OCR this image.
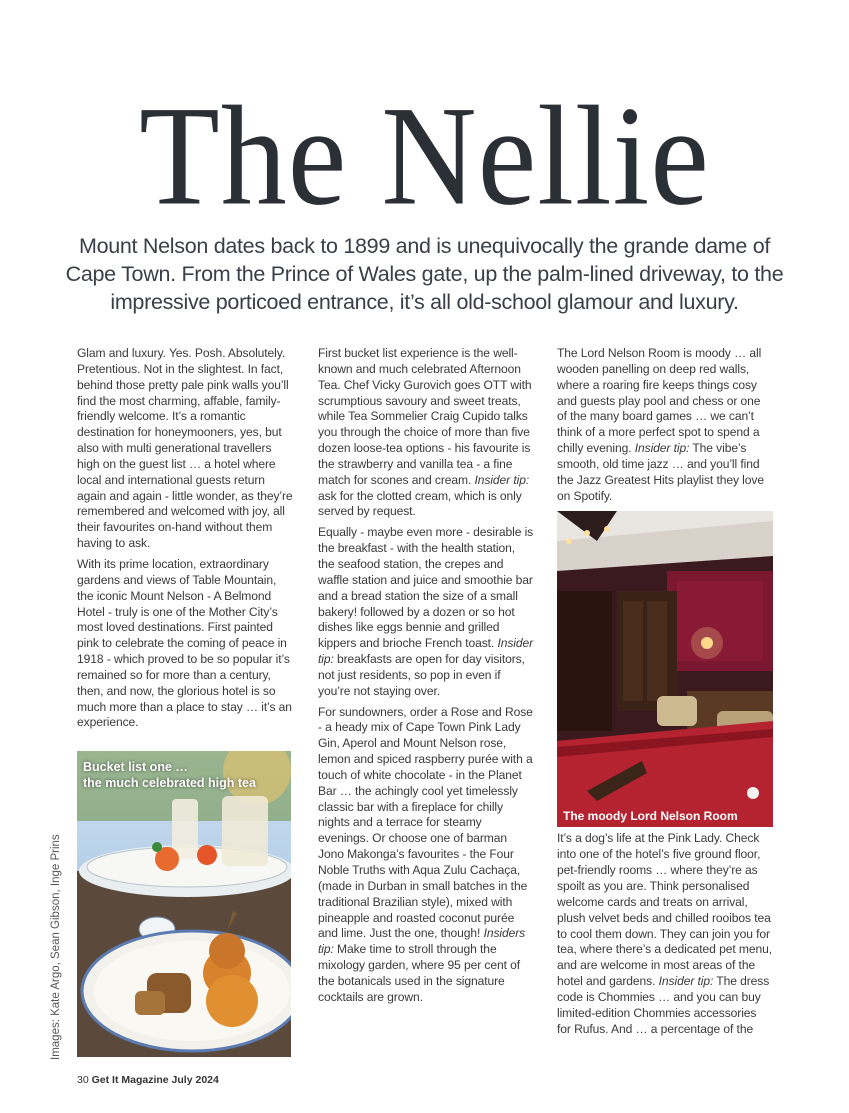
The Nellie
Mount Nelson dates back to 1899 and is unequivocally the grande dame of Cape Town. From the Prince of Wales gate, up the palm-lined driveway, to the impressive porticoed entrance, it’s all old-school glamour and luxury.

Glam and luxury. Yes. Posh. Absolutely. Pretentious. Not in the slightest. In fact, behind those pretty pale pink walls you’ll find the most charming, affable, family-friendly welcome. It’s a romantic destination for honeymooners, yes, but also with multi generational travellers high on the guest list … a hotel where local and international guests return again and again - little wonder, as they’re remembered and welcomed with joy, all their favourites on-hand without them having to ask.

With its prime location, extraordinary gardens and views of Table Mountain, the iconic Mount Nelson - A Belmond Hotel - truly is one of the Mother City’s most loved destinations. First painted pink to celebrate the coming of peace in 1918 - which proved to be so popular it’s remained so for more than a century, then, and now, the glorious hotel is so much more than a place to stay … it’s an experience.

First bucket list experience is the well-known and much celebrated Afternoon Tea. Chef Vicky Gurovich goes OTT with scrumptious savoury and sweet treats, while Tea Sommelier Craig Cupido talks you through the choice of more than five dozen loose-tea options - his favourite is the strawberry and vanilla tea - a fine match for scones and cream. Insider tip: ask for the clotted cream, which is only served by request.

Equally - maybe even more - desirable is the breakfast - with the health station, the seafood station, the crepes and waffle station and juice and smoothie bar and a bread station the size of a small bakery! followed by a dozen or so hot dishes like eggs bennie and grilled kippers and brioche French toast. Insider tip: breakfasts are open for day visitors, not just residents, so pop in even if you’re not staying over.

For sundowners, order a Rose and Rose - a heady mix of Cape Town Pink Lady Gin, Aperol and Mount Nelson rose, lemon and spiced raspberry purée with a touch of white chocolate - in the Planet Bar … the achingly cool yet timelessly classic bar with a fireplace for chilly nights and a terrace for steamy evenings. Or choose one of barman Jono Makonga’s favourites - the Four Noble Truths with Aqua Zulu Cachaça, (made in Durban in small batches in the traditional Brazilian style), mixed with pineapple and roasted coconut purée and lime. Just the one, though! Insiders tip: Make time to stroll through the mixology garden, where 95 per cent of the botanicals used in the signature cocktails are grown.

The Lord Nelson Room is moody … all wooden panelling on deep red walls, where a roaring fire keeps things cosy and guests play pool and chess or one of the many board games … we can’t think of a more perfect spot to spend a chilly evening. Insider tip: The vibe’s smooth, old time jazz … and you’ll find the Jazz Greatest Hits playlist they love on Spotify.

It’s a dog’s life at the Pink Lady. Check into one of the hotel’s five ground floor, pet-friendly rooms … where they’re as spoilt as you are. Think personalised welcome cards and treats on arrival, plush velvet beds and chilled rooibos tea to cool them down. They can join you for tea, where there’s a dedicated pet menu, and are welcome in most areas of the hotel and gardens. Insider tip: The dress code is Chommies … and you can buy limited-edition Chommies accessories for Rufus. And … a percentage of the

Bucket list one …
the much celebrated high tea
The moody Lord Nelson Room
Images: Kate Argo, Sean Gibson, Inge Prins
30 Get It Magazine July 2024
